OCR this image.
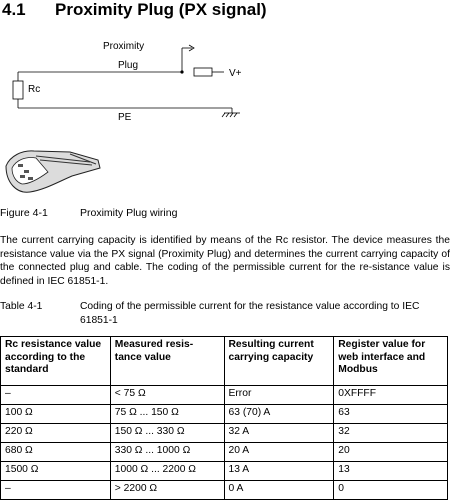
4.1 Proximity Plug (PX signal)
Proximity
Plug
Rc
PE
V+
Figure 4-1	Proximity Plug wiring

The current carrying capacity is identified by means of the Rc resistor. The device measures the resistance value via the PX signal (Proximity Plug) and determines the current carrying capacity of the connected plug and cable. The coding of the permissible current for the re-sistance value is defined in IEC 61851-1.

Table 4-1	Coding of the permissible current for the resistance value according to IEC 61851-1
Rc resistance value according to the standard	Measured resis-tance value	Resulting current carrying capacity	Register value for web interface and Modbus
–	< 75 Ω	Error	0XFFFF
100 Ω	75 Ω ... 150 Ω	63 (70) A	63
220 Ω	150 Ω ... 330 Ω	32 A	32
680 Ω	330 Ω ... 1000 Ω	20 A	20
1500 Ω	1000 Ω ... 2200 Ω	13 A	13
–	> 2200 Ω	0 A	0
